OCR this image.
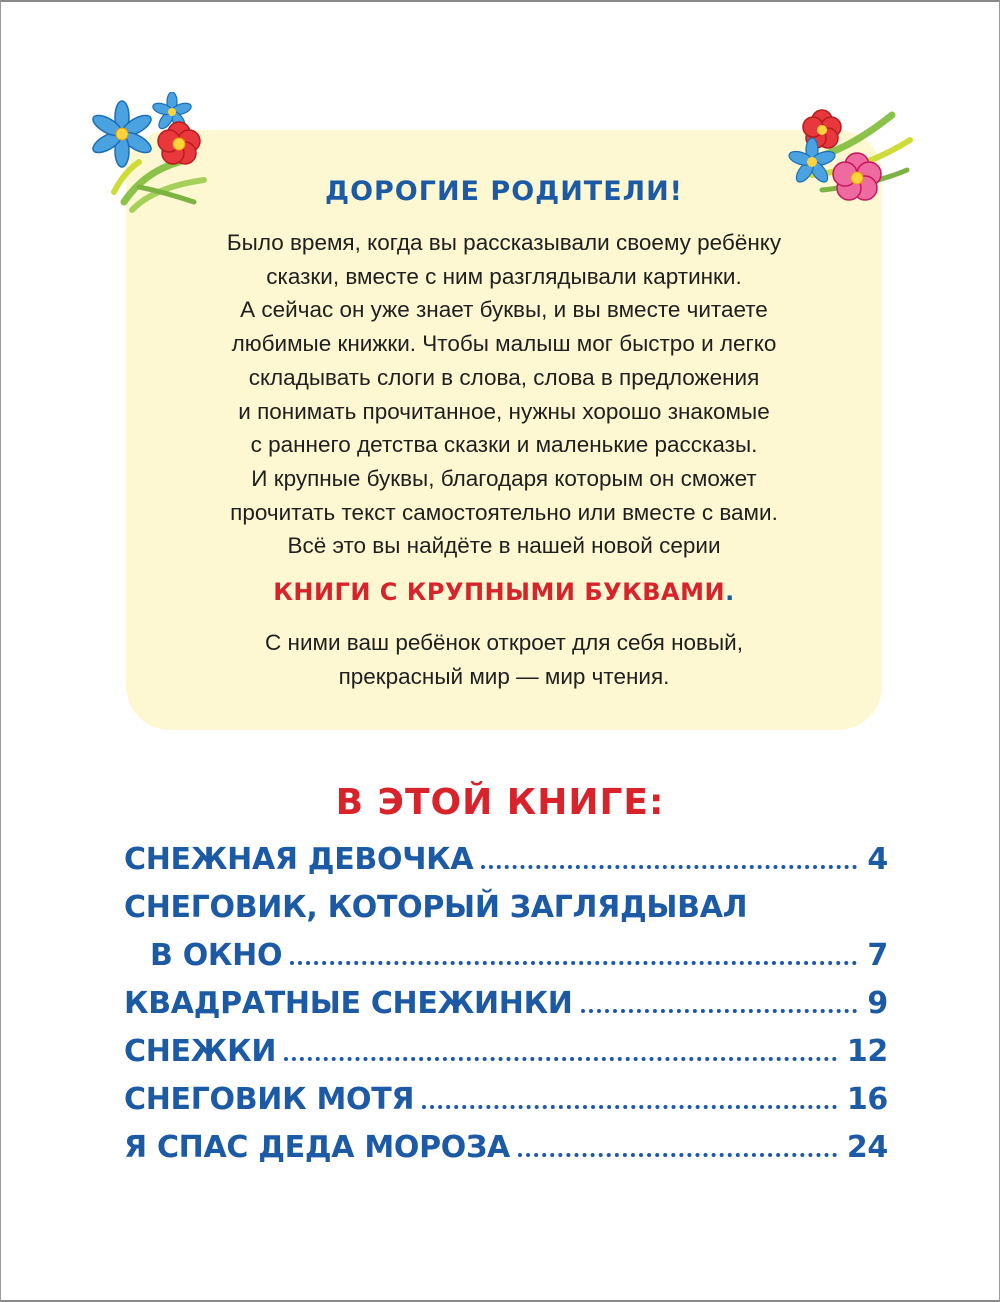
ДОРОГИЕ РОДИТЕЛИ!
Было время, когда вы рассказывали своему ребёнку
сказки, вместе с ним разглядывали картинки.
А сейчас он уже знает буквы, и вы вместе читаете
любимые книжки. Чтобы малыш мог быстро и легко
складывать слоги в слова, слова в предложения
и понимать прочитанное, нужны хорошо знакомые
с раннего детства сказки и маленькие рассказы.
И крупные буквы, благодаря которым он сможет
прочитать текст самостоятельно или вместе с вами.
Всё это вы найдёте в нашей новой серии
КНИГИ С КРУПНЫМИ БУКВАМИ.
С ними ваш ребёнок откроет для себя новый,
прекрасный мир — мир чтения.
В ЭТОЙ КНИГЕ:
СНЕЖНАЯ ДЕВОЧКА	4
СНЕГОВИК, КОТОРЫЙ ЗАГЛЯДЫВАЛ
В ОКНО	7
КВАДРАТНЫЕ СНЕЖИНКИ	9
СНЕЖКИ	12
СНЕГОВИК МОТЯ	16
Я СПАС ДЕДА МОРОЗА	24
